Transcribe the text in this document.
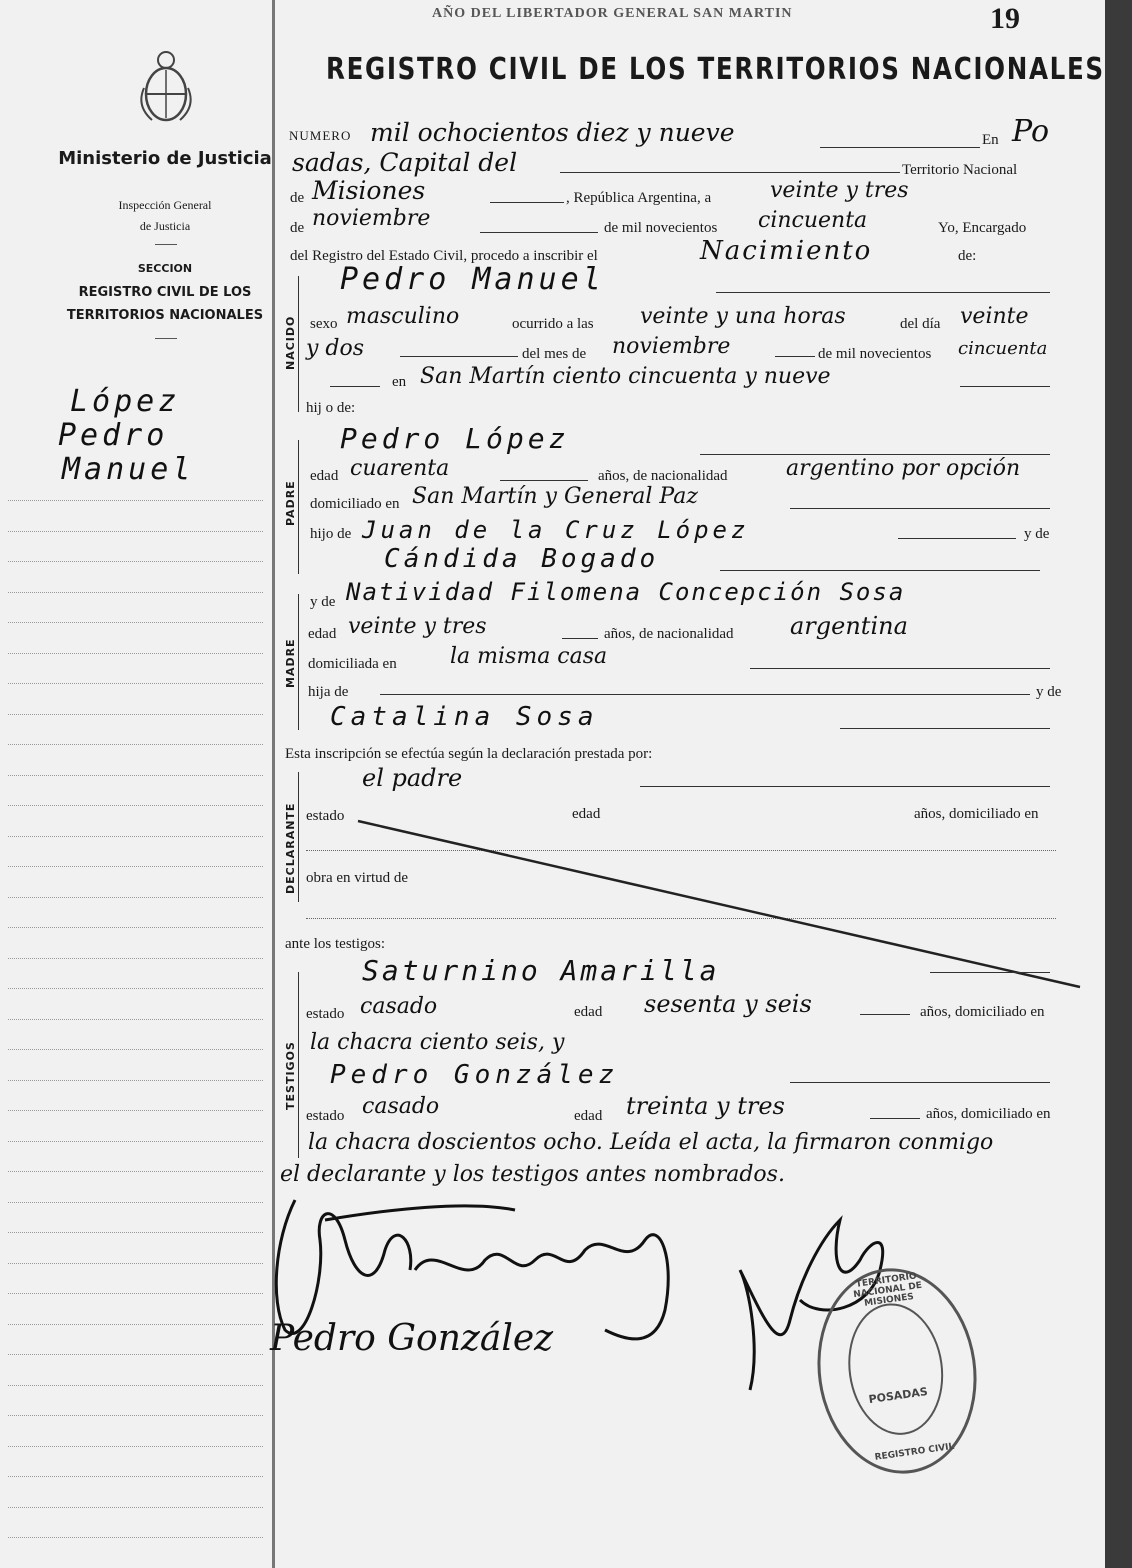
AÑO DEL LIBERTADOR GENERAL SAN MARTIN	19
REGISTRO CIVIL DE LOS TERRITORIOS NACIONALES
Ministerio de Justicia
Inspección General
de Justicia
SECCION
REGISTRO CIVIL DE LOS
TERRITORIOS NACIONALES
López
Pedro
Manuel
NUMERO mil ochocientos diez y nueve	En Po
sadas, Capital del	Territorio Nacional
de Misiones	, República Argentina, a	veinte y tres
de noviembre	de mil novecientos cincuenta	Yo, Encargado
del Registro del Estado Civil, procedo a inscribir el	Nacimiento	de:
NACIDO
Pedro Manuel
sexo masculino	ocurrido a las veinte y una horas	del día veinte
y dos	del mes de noviembre	de mil novecientos cincuenta
en San Martín ciento cincuenta y nueve
hij o de:
PADRE
Pedro López
edad cuarenta	años, de nacionalidad	argentino por opción
domiciliado en San Martín y General Paz
hijo de Juan de la Cruz López	y de
Cándida Bogado
MADRE
y de Natividad Filomena Concepción Sosa
edad veinte y tres	años, de nacionalidad argentina
domiciliada en la misma casa
hija de	y de
Catalina Sosa
Esta inscripción se efectúa según la declaración prestada por:
DECLARANTE
el padre
estado	edad	años, domiciliado en
obra en virtud de
ante los testigos:
TESTIGOS
Saturnino Amarilla
estado casado	edad sesenta y seis	años, domiciliado en
la chacra ciento seis, y
Pedro González
estado casado	edad treinta y tres	años, domiciliado en
la chacra doscientos ocho. Leída el acta, la firmaron conmigo
el declarante y los testigos antes nombrados.
Pedro González
TERRITORIO NACIONAL DE MISIONES
POSADAS
REGISTRO CIVIL
